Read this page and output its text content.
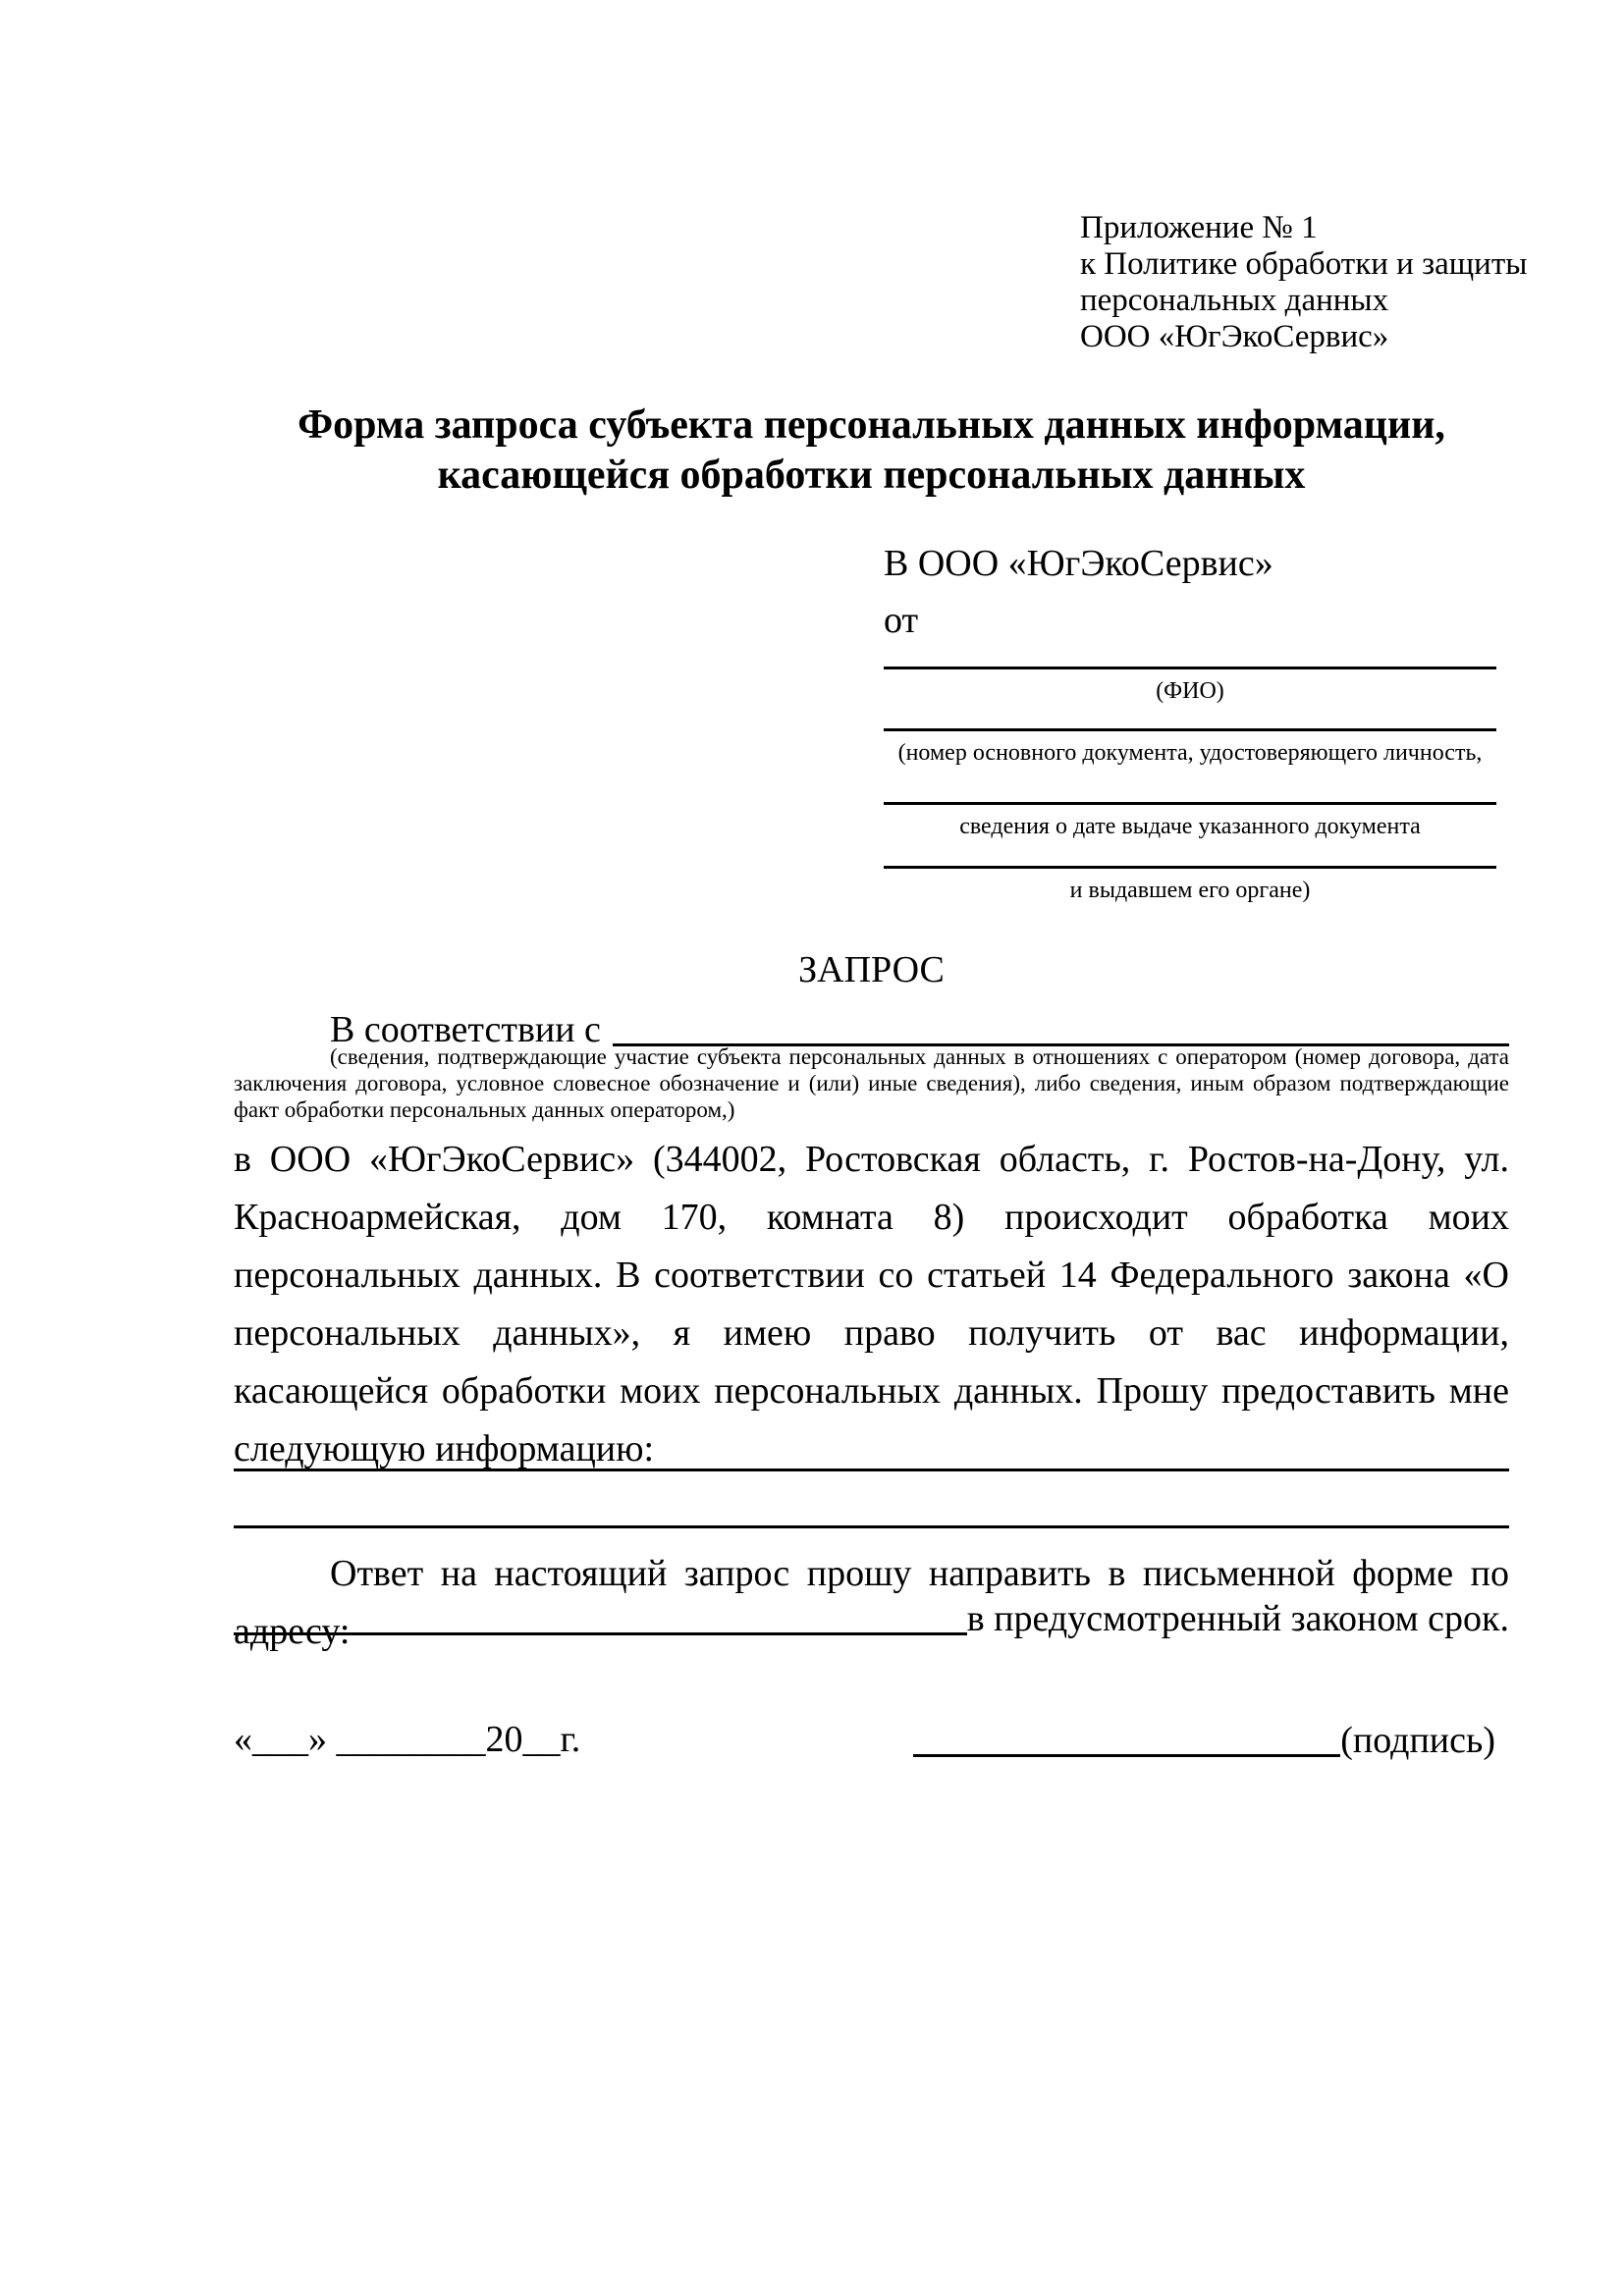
Приложение № 1
к Политике обработки и защиты
персональных данных
ООО «ЮгЭкоСервис»
Форма запроса субъекта персональных данных информации, касающейся обработки персональных данных
В ООО «ЮгЭкоСервис»
от
(ФИО)
(номер основного документа, удостоверяющего личность,
сведения о дате выдаче указанного документа
и выдавшем его органе)
ЗАПРОС
В соответствии с
(сведения, подтверждающие участие субъекта персональных данных в отношениях с оператором (номер договора, дата заключения договора, условное словесное обозначение и (или) иные сведения), либо сведения, иным образом подтверждающие факт обработки персональных данных оператором,)
в ООО «ЮгЭкоСервис» (344002, Ростовская область, г. Ростов-на-Дону, ул. Красноармейская, дом 170, комната 8) происходит обработка моих персональных данных. В соответствии со статьей 14 Федерального закона «О персональных данных», я имею право получить от вас информации, касающейся обработки моих персональных данных. Прошу предоставить мне следующую информацию:
Ответ на настоящий запрос прошу направить в письменной форме по адресу:	в предусмотренный законом срок.
«___» ________20__г.	(подпись)
